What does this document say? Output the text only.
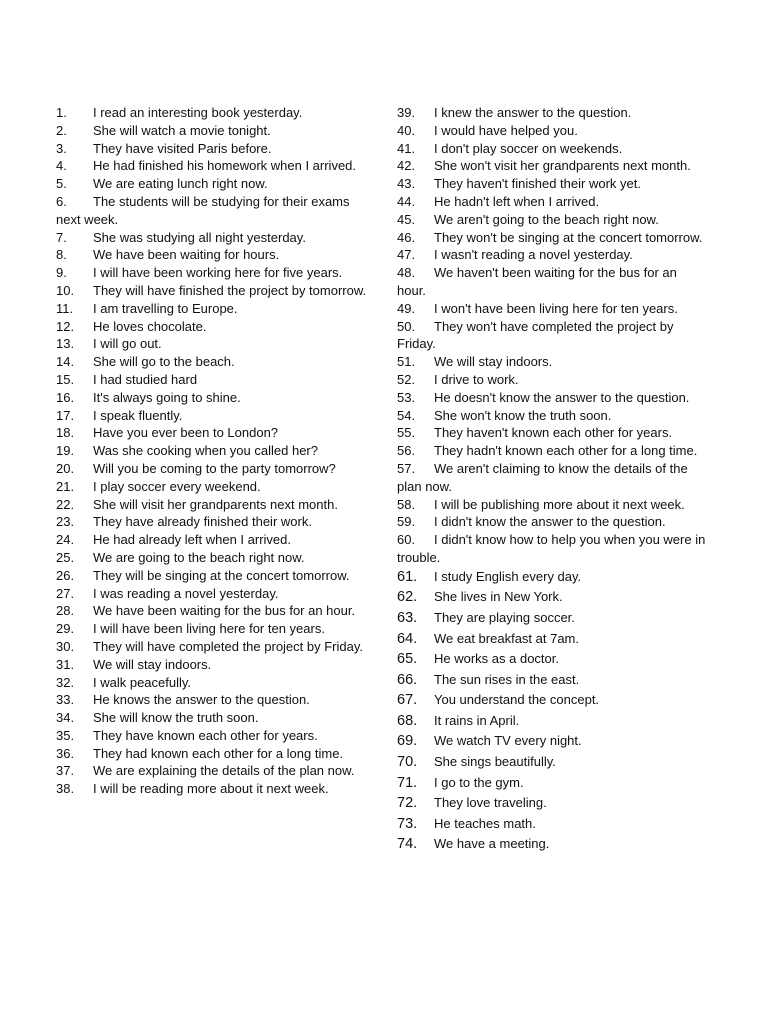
1. I read an interesting book yesterday.

2. She will watch a movie tonight.

3. They have visited Paris before.

4. He had finished his homework when I arrived.

5. We are eating lunch right now.

6. The students will be studying for their exams next week.

7. She was studying all night yesterday.

8. We have been waiting for hours.

9. I will have been working here for five years.

10. They will have finished the project by tomorrow.

11. I am travelling to Europe.

12. He loves chocolate.

13. I will go out.

14. She will go to the beach.

15. I had studied hard

16. It's always going to shine.

17. I speak fluently.

18. Have you ever been to London?

19. Was she cooking when you called her?

20. Will you be coming to the party tomorrow?

21. I play soccer every weekend.

22. She will visit her grandparents next month.

23. They have already finished their work.

24. He had already left when I arrived.

25. We are going to the beach right now.

26. They will be singing at the concert tomorrow.

27. I was reading a novel yesterday.

28. We have been waiting for the bus for an hour.

29. I will have been living here for ten years.

30. They will have completed the project by Friday.

31. We will stay indoors.

32. I walk peacefully.

33. He knows the answer to the question.

34. She will know the truth soon.

35. They have known each other for years.

36. They had known each other for a long time.

37. We are explaining the details of the plan now.

38. I will be reading more about it next week.

39. I knew the answer to the question.

40. I would have helped you.

41. I don't play soccer on weekends.

42. She won't visit her grandparents next month.

43. They haven't finished their work yet.

44. He hadn't left when I arrived.

45. We aren't going to the beach right now.

46. They won't be singing at the concert tomorrow.

47. I wasn't reading a novel yesterday.

48. We haven't been waiting for the bus for an hour.

49. I won't have been living here for ten years.

50. They won't have completed the project by Friday.

51. We will stay indoors.

52. I drive to work.

53. He doesn't know the answer to the question.

54. She won't know the truth soon.

55. They haven't known each other for years.

56. They hadn't known each other for a long time.

57. We aren't claiming to know the details of the plan now.

58. I will be publishing more about it next week.

59. I didn't know the answer to the question.

60. I didn't know how to help you when you were in trouble.

61. I study English every day.

62. She lives in New York.

63. They are playing soccer.

64. We eat breakfast at 7am.

65. He works as a doctor.

66. The sun rises in the east.

67. You understand the concept.

68. It rains in April.

69. We watch TV every night.

70. She sings beautifully.

71. I go to the gym.

72. They love traveling.

73. He teaches math.

74. We have a meeting.
